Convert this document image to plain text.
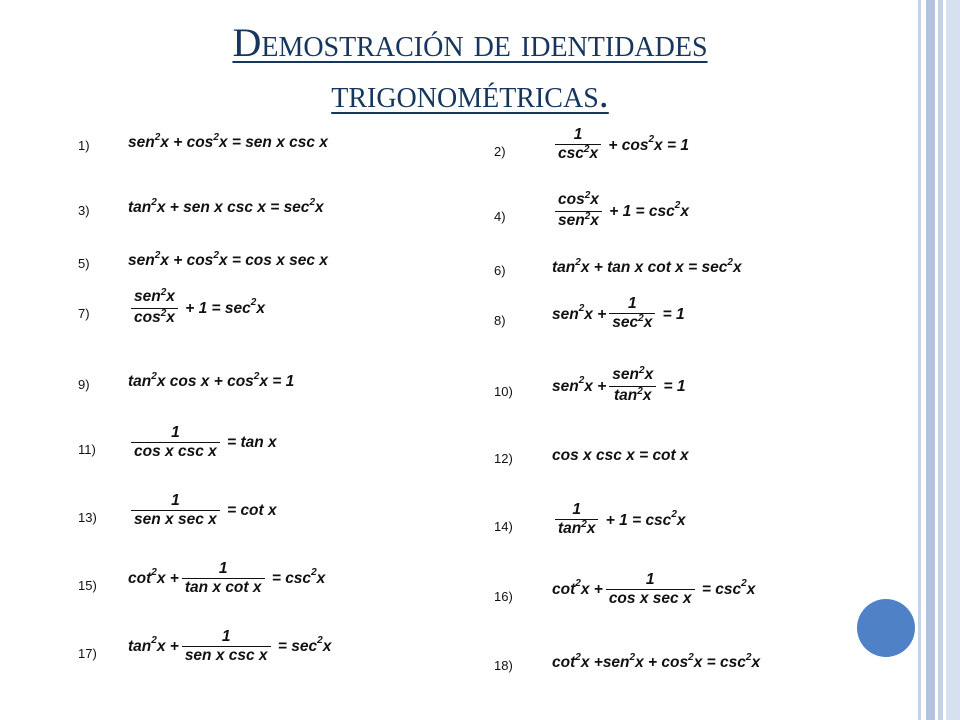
Demostración de identidades
trigonométricas.
1) sen$^2$ x
+
$\cos^2 x$
=
sen x
csc x
3) $\tan^2 x$
+
sen x
csc x
=
$\sec^2 x$
5) sen$^2$ x
+
$\cos^2 x$
=
cos x
sec x
7)	$\frac{sen^2x}{\cos^2x}$
+
1
=
$\sec^2 x$
9) $\tan^2 x$
cos x
+
$\cos^2 x$
=
1
$11) \frac{1}{\text{cos x csc x}}$
=
tan x
$13) \frac{1}{\text{sen x sec x}}$
=
cot x
15) $\cot^2 x$
+ $\frac{1}{\text{tan x cot x}}$
=
$\csc^2 x$
17) $\tan^2 x$
+ $\frac{1}{\text{sen x csc x}}$
=
$\sec^2 x$
2)	$\frac{1}{\csc^2x}$
+
$\cos^2 x$
=
1
4)	$\frac{\cos^2x}{sen^2x}$
+
1
=
$\csc^2 x$
6)	$\tan^2 x$
+
tan x
cot x
=
$\sec^2 x$
8)	sen$^2$ x
+ $\frac{1}{\sec^2x}$
=
1
10)	sen$^2$ x
+ $\frac{sen^2x}{\tan^2x}$
=
1
12)	cos x
csc x
=
cot x
14)	$\frac{1}{\tan^2x}$
+
1
=
$\csc^2 x$
16)	$\cot^2 x$
+ $\frac{1}{\text{cos x sec x}}$
=
$\csc^2 x$
18)	$\cot^2 x$
+ sen$^2$ x
+
$\cos^2 x$
=
$\csc^2 x$
